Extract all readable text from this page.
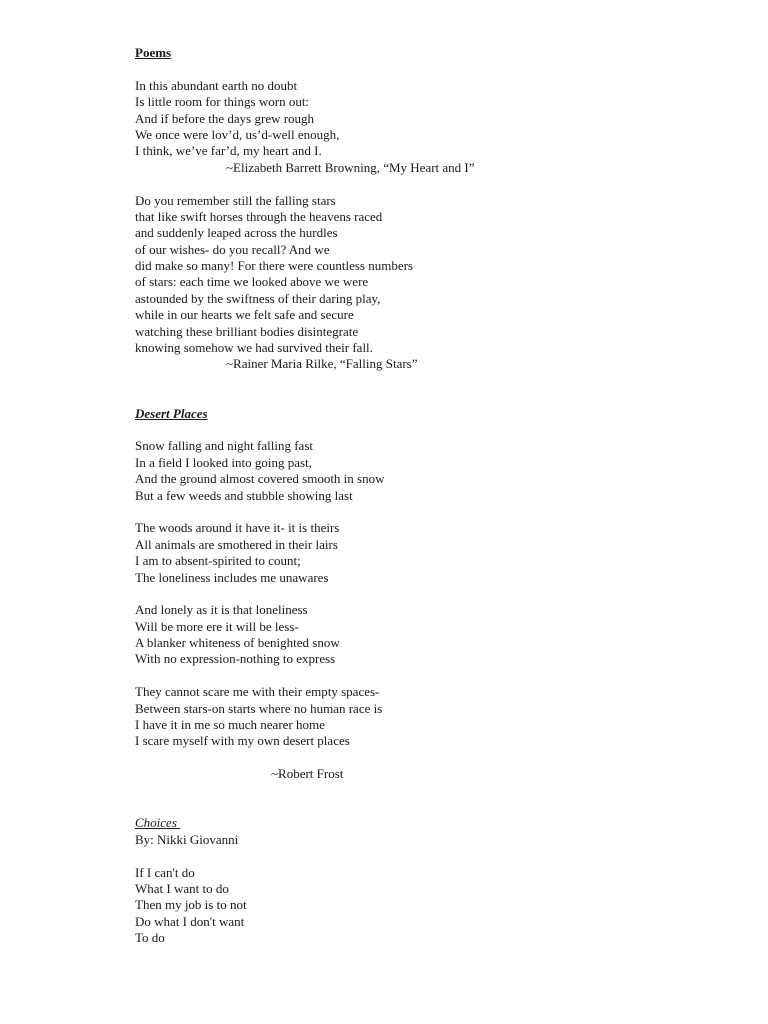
Poems
In this abundant earth no doubt
Is little room for things worn out:
And if before the days grew rough
We once were lov’d, us’d-well enough,
I think, we’ve far’d, my heart and I.
~Elizabeth Barrett Browning, “My Heart and I”
Do you remember still the falling stars
that like swift horses through the heavens raced
and suddenly leaped across the hurdles
of our wishes- do you recall? And we
did make so many! For there were countless numbers
of stars: each time we looked above we were
astounded by the swiftness of their daring play,
while in our hearts we felt safe and secure
watching these brilliant bodies disintegrate
knowing somehow we had survived their fall.
~Rainer Maria Rilke, “Falling Stars”
Desert Places
Snow falling and night falling fast
In a field I looked into going past,
And the ground almost covered smooth in snow
But a few weeds and stubble showing last
The woods around it have it- it is theirs
All animals are smothered in their lairs
I am to absent-spirited to count;
The loneliness includes me unawares
And lonely as it is that loneliness
Will be more ere it will be less-
A blanker whiteness of benighted snow
With no expression-nothing to express
They cannot scare me with their empty spaces-
Between stars-on starts where no human race is
I have it in me so much nearer home
I scare myself with my own desert places
~Robert Frost
Choices
By: Nikki Giovanni
If I can't do
What I want to do
Then my job is to not
Do what I don't want
To do
